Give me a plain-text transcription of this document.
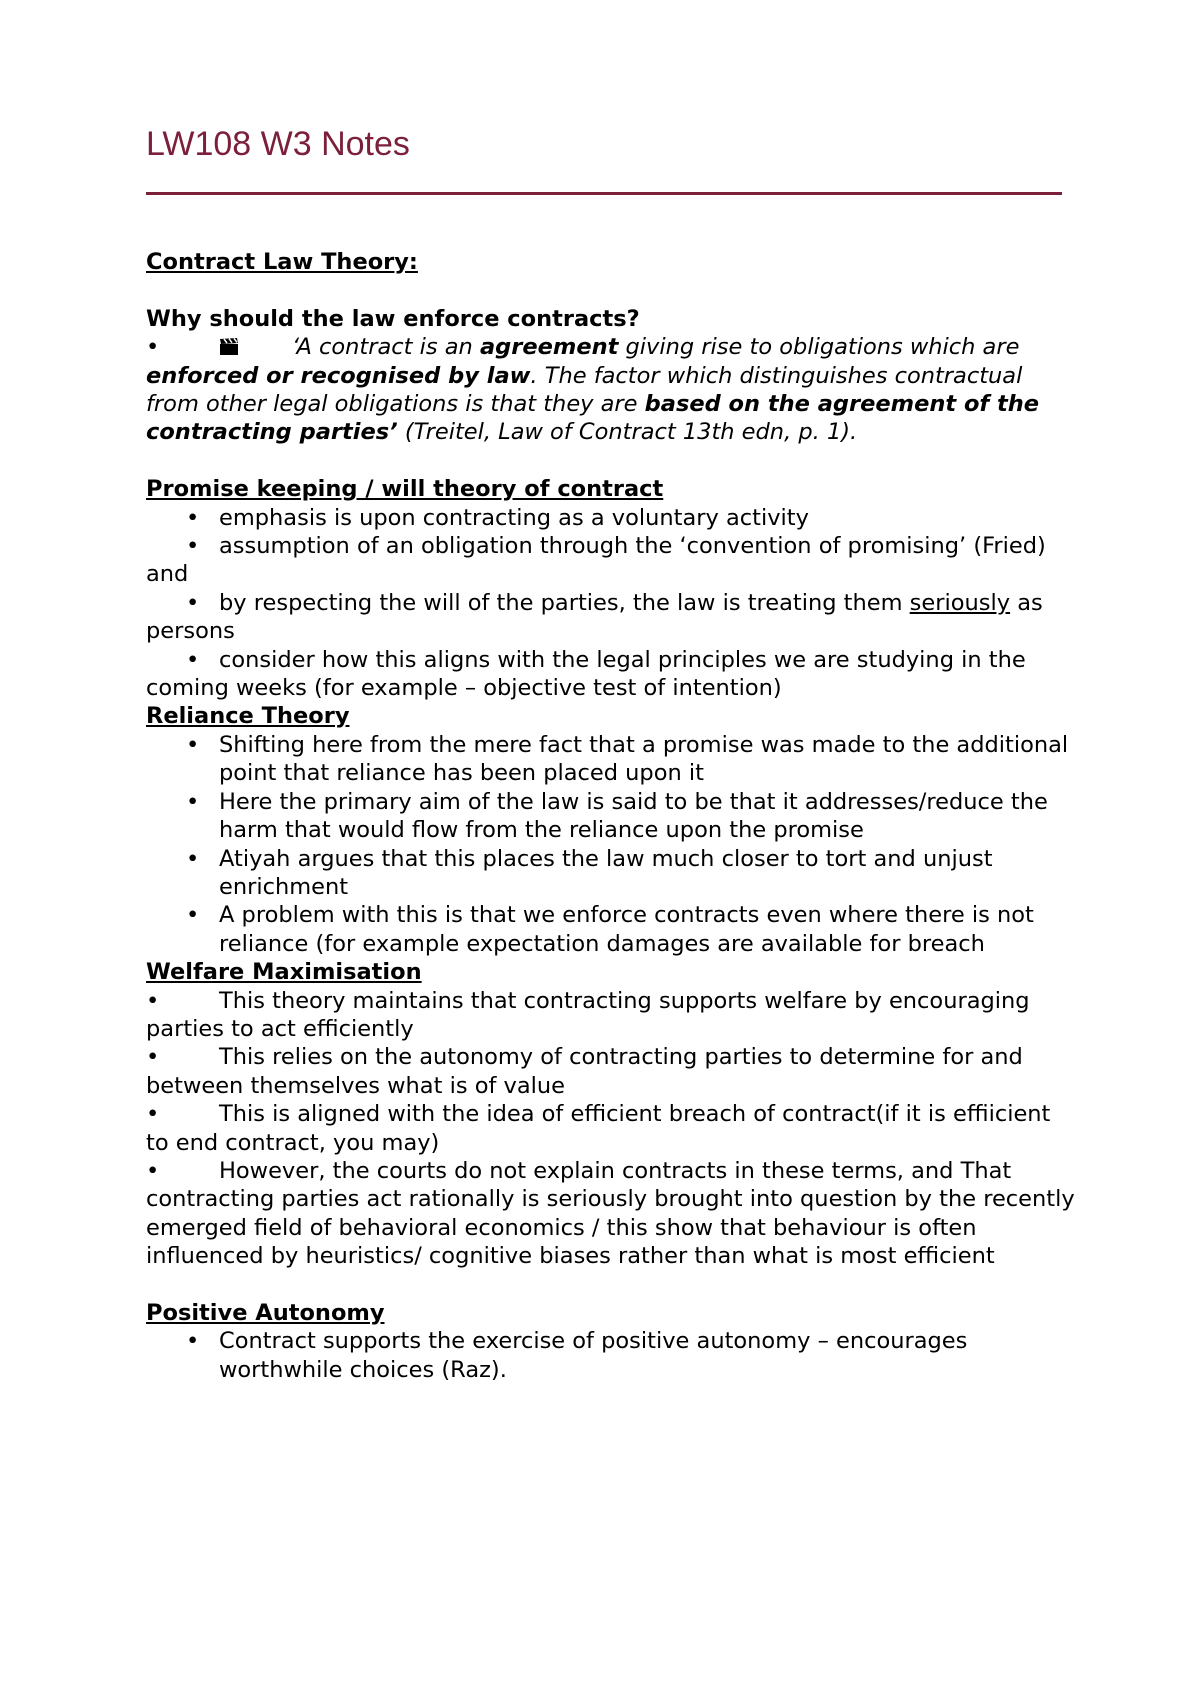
LW108 W3 Notes

Contract Law Theory:

Why should the law enforce contracts?

•	‘A contract is an agreement giving rise to obligations which are enforced or recognised by law. The factor which distinguishes contractual from other legal obligations is that they are based on the agreement of the contracting parties’ (Treitel, Law of Contract 13th edn, p. 1).

Promise keeping / will theory of contract

• emphasis is upon contracting as a voluntary activity

• assumption of an obligation through the ‘convention of promising’ (Fried) and

• by respecting the will of the parties, the law is treating them seriously as persons

• consider how this aligns with the legal principles we are studying in the coming weeks (for example – objective test of intention)

Reliance Theory

• Shifting here from the mere fact that a promise was made to the additional point that reliance has been placed upon it

• Here the primary aim of the law is said to be that it addresses/reduce the harm that would flow from the reliance upon the promise

• Atiyah argues that this places the law much closer to tort and unjust enrichment

• A problem with this is that we enforce contracts even where there is not reliance (for example expectation damages are available for breach

Welfare Maximisation

•	This theory maintains that contracting supports welfare by encouraging parties to act efficiently

•	This relies on the autonomy of contracting parties to determine for and between themselves what is of value

•	This is aligned with the idea of efficient breach of contract(if it is effiicient to end contract, you may)

•	However, the courts do not explain contracts in these terms, and That contracting parties act rationally is seriously brought into question by the recently emerged field of behavioral economics / this show that behaviour is often influenced by heuristics/ cognitive biases rather than what is most efficient

Positive Autonomy

• Contract supports the exercise of positive autonomy – encourages worthwhile choices (Raz).
